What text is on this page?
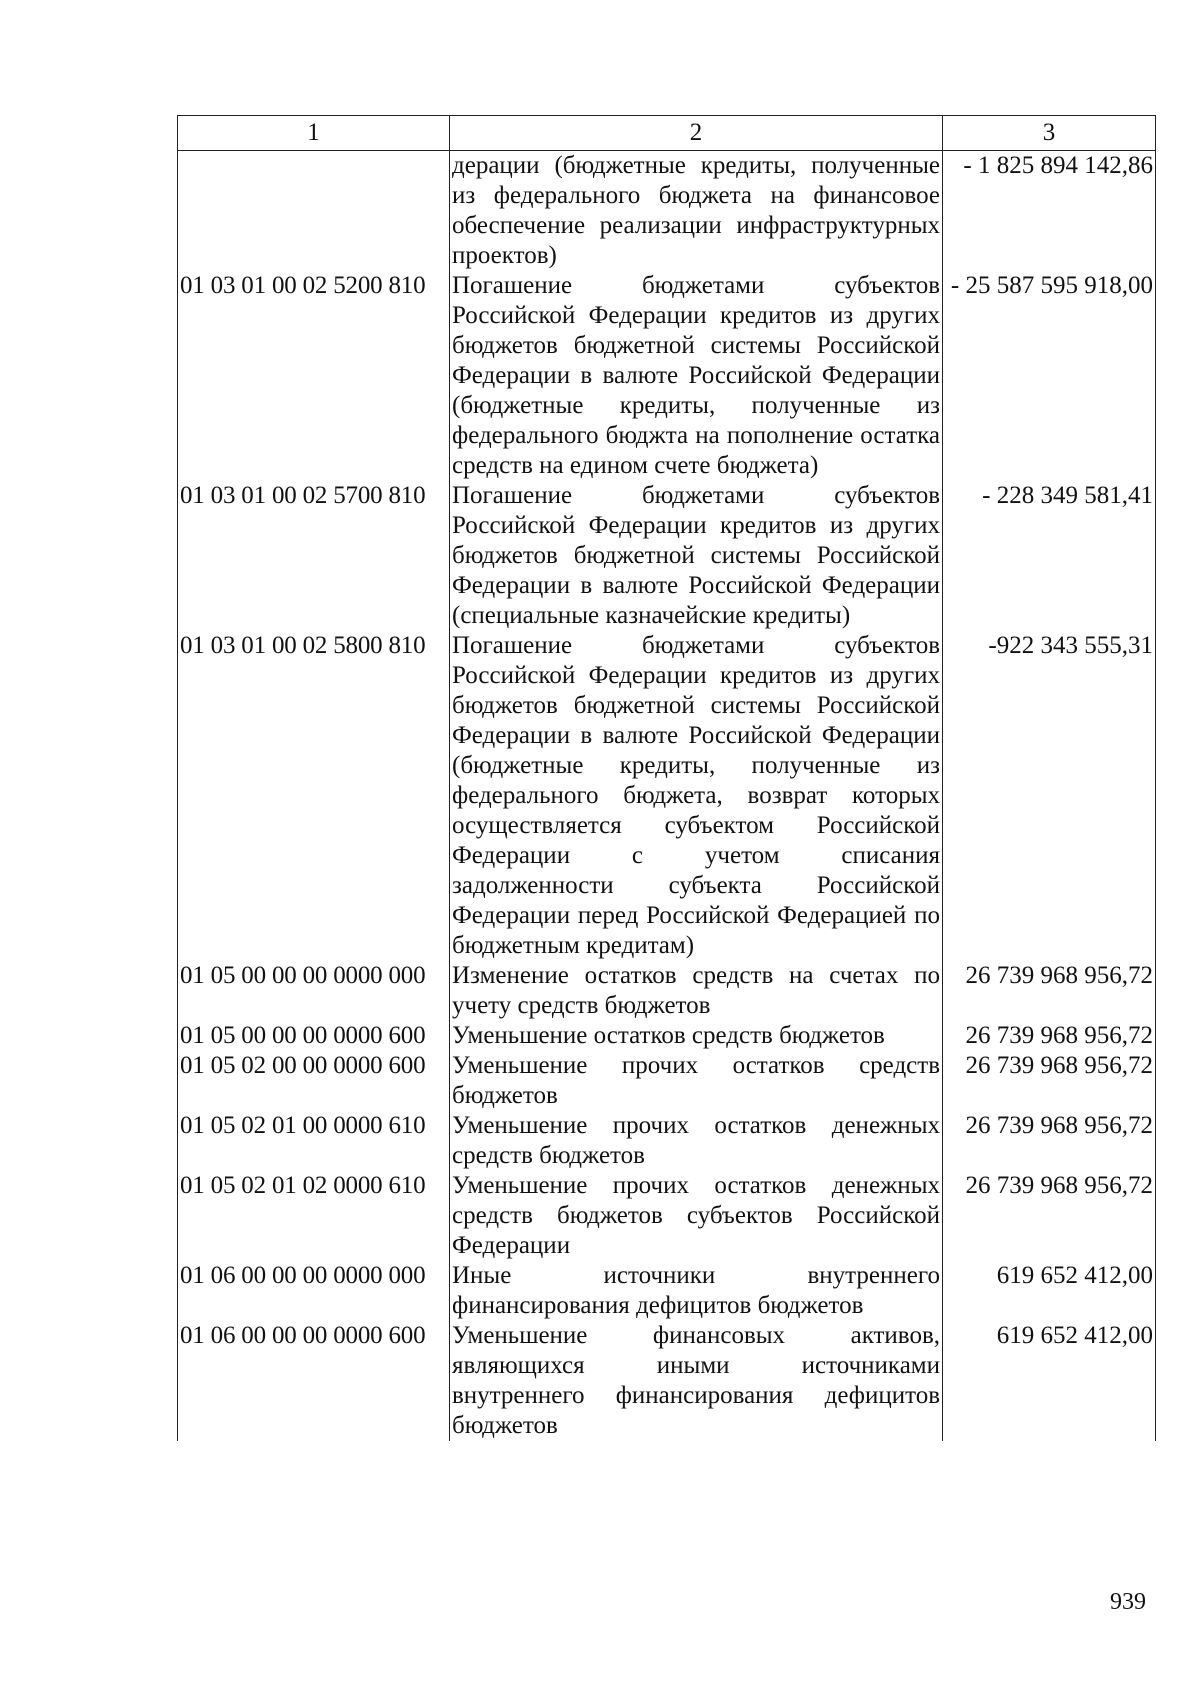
1	2	3
	дерации (бюджетные кредиты, полученные из федерального бюджета на финансовое обеспечение реализации инфраструктурных проектов)	- 1 825 894 142,86
01 03 01 00 02 5200 810	Погашение бюджетами субъектов Российской Федерации кредитов из других бюджетов бюджетной системы Российской Федерации в валюте Российской Федерации (бюджетные кредиты, полученные из федерального бюджта на пополнение остатка средств на едином счете бюджета)	- 25 587 595 918,00
01 03 01 00 02 5700 810	Погашение бюджетами субъектов Российской Федерации кредитов из других бюджетов бюджетной системы Российской Федерации в валюте Российской Федерации (специальные казначейские кредиты)	- 228 349 581,41
01 03 01 00 02 5800 810	Погашение бюджетами субъектов Российской Федерации кредитов из других бюджетов бюджетной системы Российской Федерации в валюте Российской Федерации (бюджетные кредиты, полученные из федерального бюджета, возврат которых осуществляется субъектом Российской Федерации с учетом списания задолженности субъекта Российской Федерации перед Российской Федерацией по бюджетным кредитам)	-922 343 555,31
01 05 00 00 00 0000 000	Изменение остатков средств на счетах по учету средств бюджетов	26 739 968 956,72
01 05 00 00 00 0000 600	Уменьшение остатков средств бюджетов	26 739 968 956,72
01 05 02 00 00 0000 600	Уменьшение прочих остатков средств бюджетов	26 739 968 956,72
01 05 02 01 00 0000 610	Уменьшение прочих остатков денежных средств бюджетов	26 739 968 956,72
01 05 02 01 02 0000 610	Уменьшение прочих остатков денежных средств бюджетов субъектов Российской Федерации	26 739 968 956,72
01 06 00 00 00 0000 000	Иные источники внутреннего финансирования дефицитов бюджетов	619 652 412,00
01 06 00 00 00 0000 600	Уменьшение финансовых активов, являющихся иными источниками внутреннего финансирования дефицитов бюджетов	619 652 412,00
939
